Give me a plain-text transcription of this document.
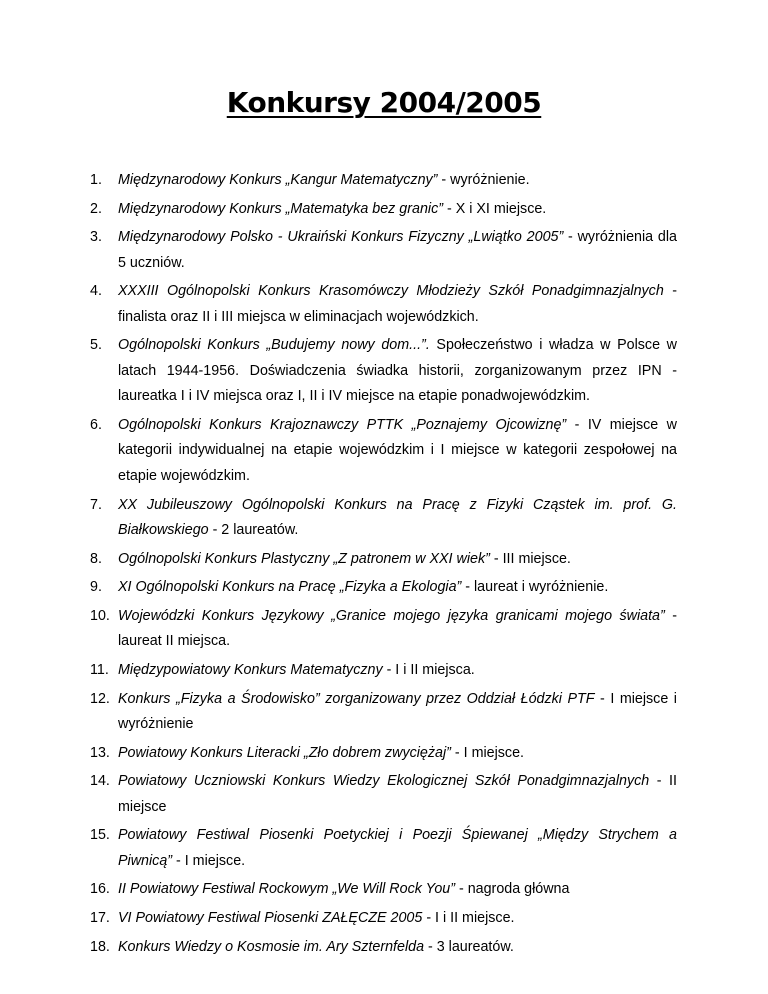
Konkursy 2004/2005
1. Międzynarodowy Konkurs „Kangur Matematyczny” - wyróżnienie.
2. Międzynarodowy Konkurs „Matematyka bez granic” - X i XI miejsce.
3. Międzynarodowy Polsko - Ukraiński Konkurs Fizyczny „Lwiątko 2005” - wyróżnienia dla 5 uczniów.
4. XXXIII Ogólnopolski Konkurs Krasomówczy Młodzieży Szkół Ponadgimnazjalnych - finalista oraz II i III miejsca w eliminacjach wojewódzkich.
5. Ogólnopolski Konkurs „Budujemy nowy dom...”. Społeczeństwo i władza w Polsce w latach 1944-1956. Doświadczenia świadka historii, zorganizowanym przez IPN - laureatka I i IV miejsca oraz I, II i IV miejsce na etapie ponadwojewódzkim.
6. Ogólnopolski Konkurs Krajoznawczy PTTK „Poznajemy Ojcowiznę” - IV miejsce w kategorii indywidualnej na etapie wojewódzkim i I miejsce w kategorii zespołowej na etapie wojewódzkim.
7. XX Jubileuszowy Ogólnopolski Konkurs na Pracę z Fizyki Cząstek im. prof. G. Białkowskiego - 2 laureatów.
8. Ogólnopolski Konkurs Plastyczny „Z patronem w XXI wiek” - III miejsce.
9. XI Ogólnopolski Konkurs na Pracę „Fizyka a Ekologia” - laureat i wyróżnienie.
10. Wojewódzki Konkurs Językowy „Granice mojego języka granicami mojego świata” - laureat II miejsca.
11. Międzypowiatowy Konkurs Matematyczny - I i II miejsca.
12. Konkurs „Fizyka a Środowisko” zorganizowany przez Oddział Łódzki PTF - I miejsce i wyróżnienie
13. Powiatowy Konkurs Literacki „Zło dobrem zwyciężaj” - I miejsce.
14. Powiatowy Uczniowski Konkurs Wiedzy Ekologicznej Szkół Ponadgimnazjalnych - II miejsce
15. Powiatowy Festiwal Piosenki Poetyckiej i Poezji Śpiewanej „Między Strychem a Piwnicą” - I miejsce.
16. II Powiatowy Festiwal Rockowym „We Will Rock You” - nagroda główna
17. VI Powiatowy Festiwal Piosenki ZAŁĘCZE 2005 - I i II miejsce.
18. Konkurs Wiedzy o Kosmosie im. Ary Szternfelda - 3 laureatów.
